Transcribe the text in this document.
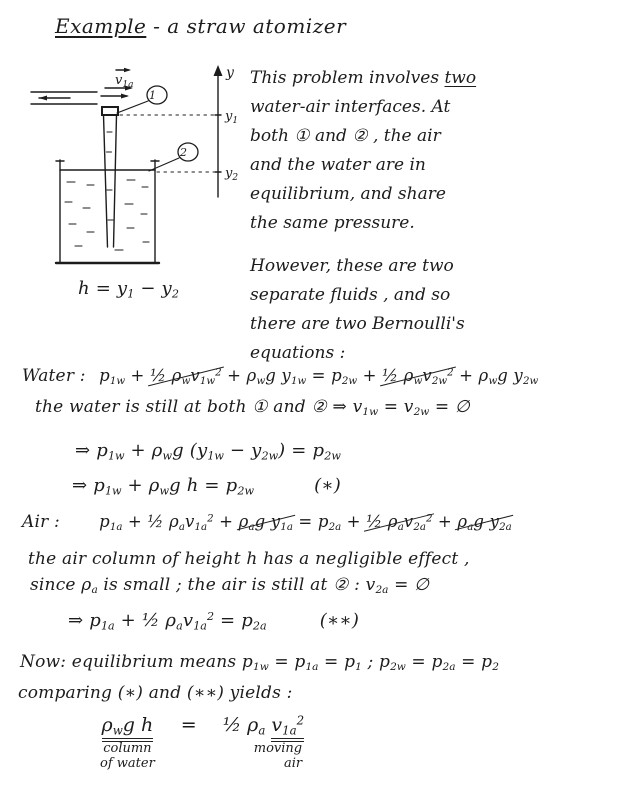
Example - a straw atomizer
1
2
$v_{1a}$
y
$y_1$
$y_2$
$h = y_1 - y_2$
This problem involves two
water-air interfaces. At
both ① and ② , the air
and the water are in
equilibrium, and share
the same pressure.
However, these are two
separate fluids , and so
there are two Bernoulli's
equations :
Water : $p_{1w}$ + ½ $\rho_wv_{1w}^2 + \rho_wg$ $y_{1w} = p_{2w}$ + ½ $\rho_wv_{2w}^2 + \rho_wg$ $y_{2w}$
the water is still at both ① and ② ⇒ $v_{1w} = v_{2w}$ = ∅
⇒ $p_{1w} + \rho_wg$ $(y_{1w} - y_{2w}) = p_{2w}$
⇒ $p_{1w} + \rho_wg$ $h = p_{2w}$	(∗)
Air : $p_{1a}$ + ½ $\rho_av_{1a}^2 + \rho_ag$ $y_{1a} = p_{2a}$ + ½ $\rho_av_{2a}^2 + \rho_ag$ $y_{2a}$
the air column of height h has a negligible effect ,
since $\rho_a$ is small ; the air is still at ② : $v_{2a}$ = ∅
⇒ $p_{1a}$ + ½ $\rho_av_{1a}^2 = p_{2a}$	(∗∗)
Now: equilibrium means $p_{1w} = p_{1a} = p_1$ ; $p_{2w} = p_{2a} = p_2$
comparing (∗) and (∗∗) yields :
$\rho_wg$ h
column
of water
= ½ $\rho_a$ $v_{1a}^2$
moving
air
